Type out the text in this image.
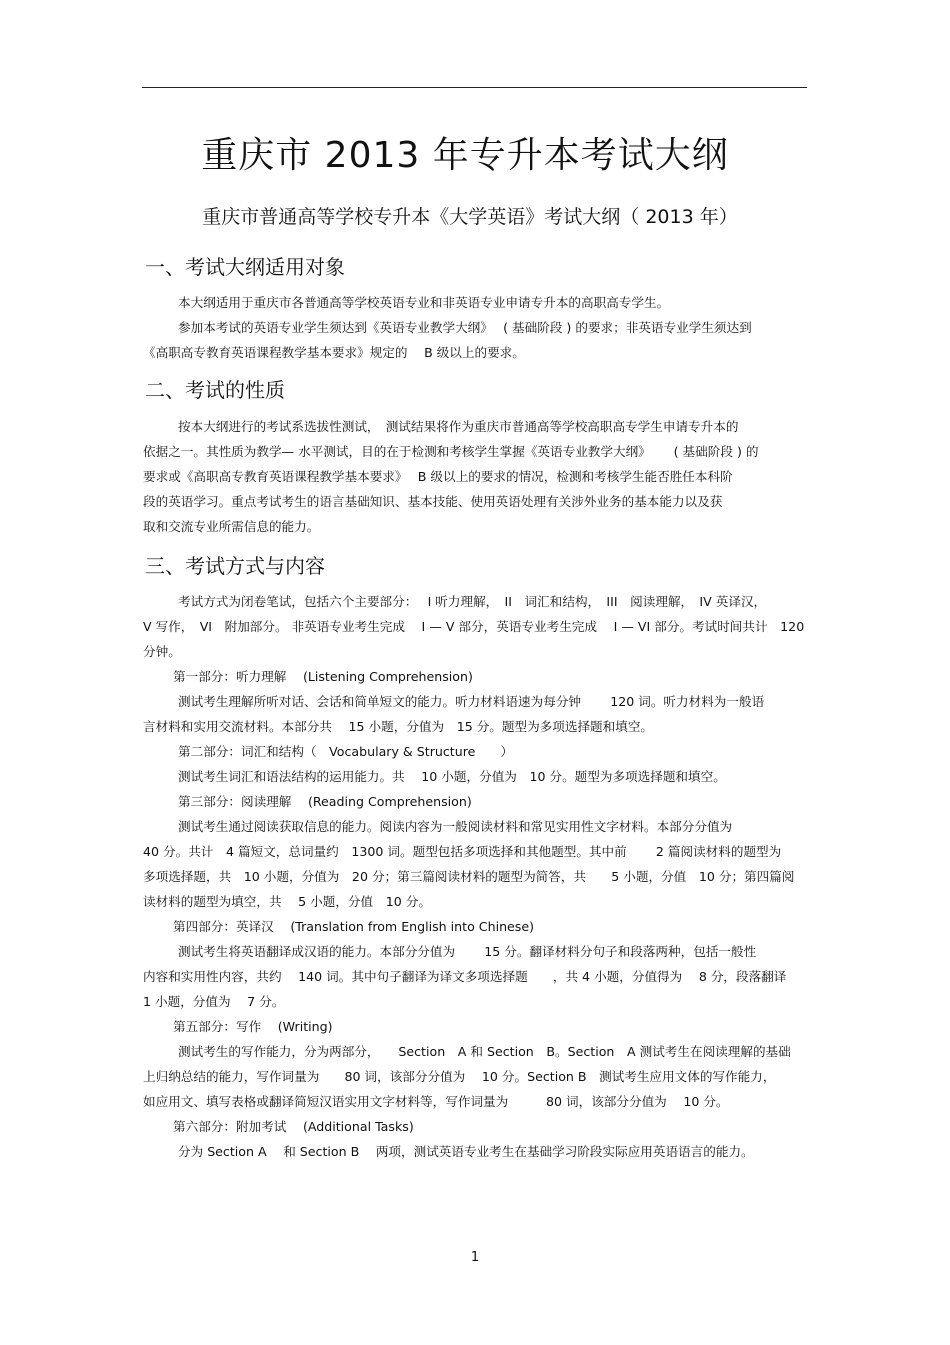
重庆市 2013 年专升本考试大纲
重庆市普通高等学校专升本《大学英语》考试大纲（ 2013 年）
一、考试大纲适用对象
本大纲适用于重庆市各普通高等学校英语专业和非英语专业申请专升本的高职高专学生。
参加本考试的英语专业学生须达到《英语专业教学大纲》　 ( 基础阶段 ) 的要求；非英语专业学生须达到
《高职高专教育英语课程教学基本要求》规定的　 B 级以上的要求。
二、考试的性质
按本大纲进行的考试系选拔性测试，　测试结果将作为重庆市普通高等学校高职高专学生申请专升本的
依据之一。其性质为教学— 水平测试，目的在于检测和考核学生掌握《英语专业教学大纲》　　 ( 基础阶段 ) 的
要求或《高职高专教育英语课程教学基本要求》　 B 级以上的要求的情况，检测和考核学生能否胜任本科阶
段的英语学习。重点考试考生的语言基础知识、基本技能、使用英语处理有关涉外业务的基本能力以及获
取和交流专业所需信息的能力。
三、考试方式与内容
考试方式为闭卷笔试，包括六个主要部分：　 I 听力理解，　II　词汇和结构，　III　阅读理解，　IV 英译汉，
V 写作，　VI　附加部分。 非英语专业考生完成　 I — V 部分，英语专业考生完成　 I — VI 部分。考试时间共计　120
分钟。
第一部分：听力理解　 (Listening Comprehension)
测试考生理解所听对话、会话和简单短文的能力。听力材料语速为每分钟　　 120 词。听力材料为一般语
言材料和实用交流材料。本部分共　 15 小题，分值为　15 分。题型为多项选择题和填空。
第二部分：词汇和结构（　Vocabulary & Structure　　）
测试考生词汇和语法结构的运用能力。共　 10 小题，分值为　10 分。题型为多项选择题和填空。
第三部分：阅读理解　 (Reading Comprehension)
测试考生通过阅读获取信息的能力。阅读内容为一般阅读材料和常见实用性文字材料。本部分分值为
40 分。共计　4 篇短文，总词量约　1300 词。题型包括多项选择和其他题型。其中前　　 2 篇阅读材料的题型为
多项选择题，共　10 小题，分值为　20 分；第三篇阅读材料的题型为简答，共　　5 小题，分值　10 分；第四篇阅
读材料的题型为填空，共　 5 小题，分值　10 分。
第四部分：英译汉　 (Translation from English into Chinese)
测试考生将英语翻译成汉语的能力。本部分分值为　　 15 分。翻译材料分句子和段落两种，包括一般性
内容和实用性内容，共约　 140 词。其中句子翻译为译文多项选择题　　，共 4 小题，分值得为　 8 分，段落翻译
1 小题，分值为　 7 分。
第五部分：写作　 (Writing)
测试考生的写作能力，分为两部分，　　Section　A 和 Section　B。Section　A 测试考生在阅读理解的基础
上归纳总结的能力，写作词量为　　80 词，该部分分值为　 10 分。Section B　测试考生应用文体的写作能力，
如应用文、填写表格或翻译简短汉语实用文字材料等，写作词量为　　　80 词，该部分分值为　 10 分。
第六部分：附加考试　 (Additional Tasks)
分为 Section A　 和 Section B　 两项，测试英语专业考生在基础学习阶段实际应用英语语言的能力。
1
